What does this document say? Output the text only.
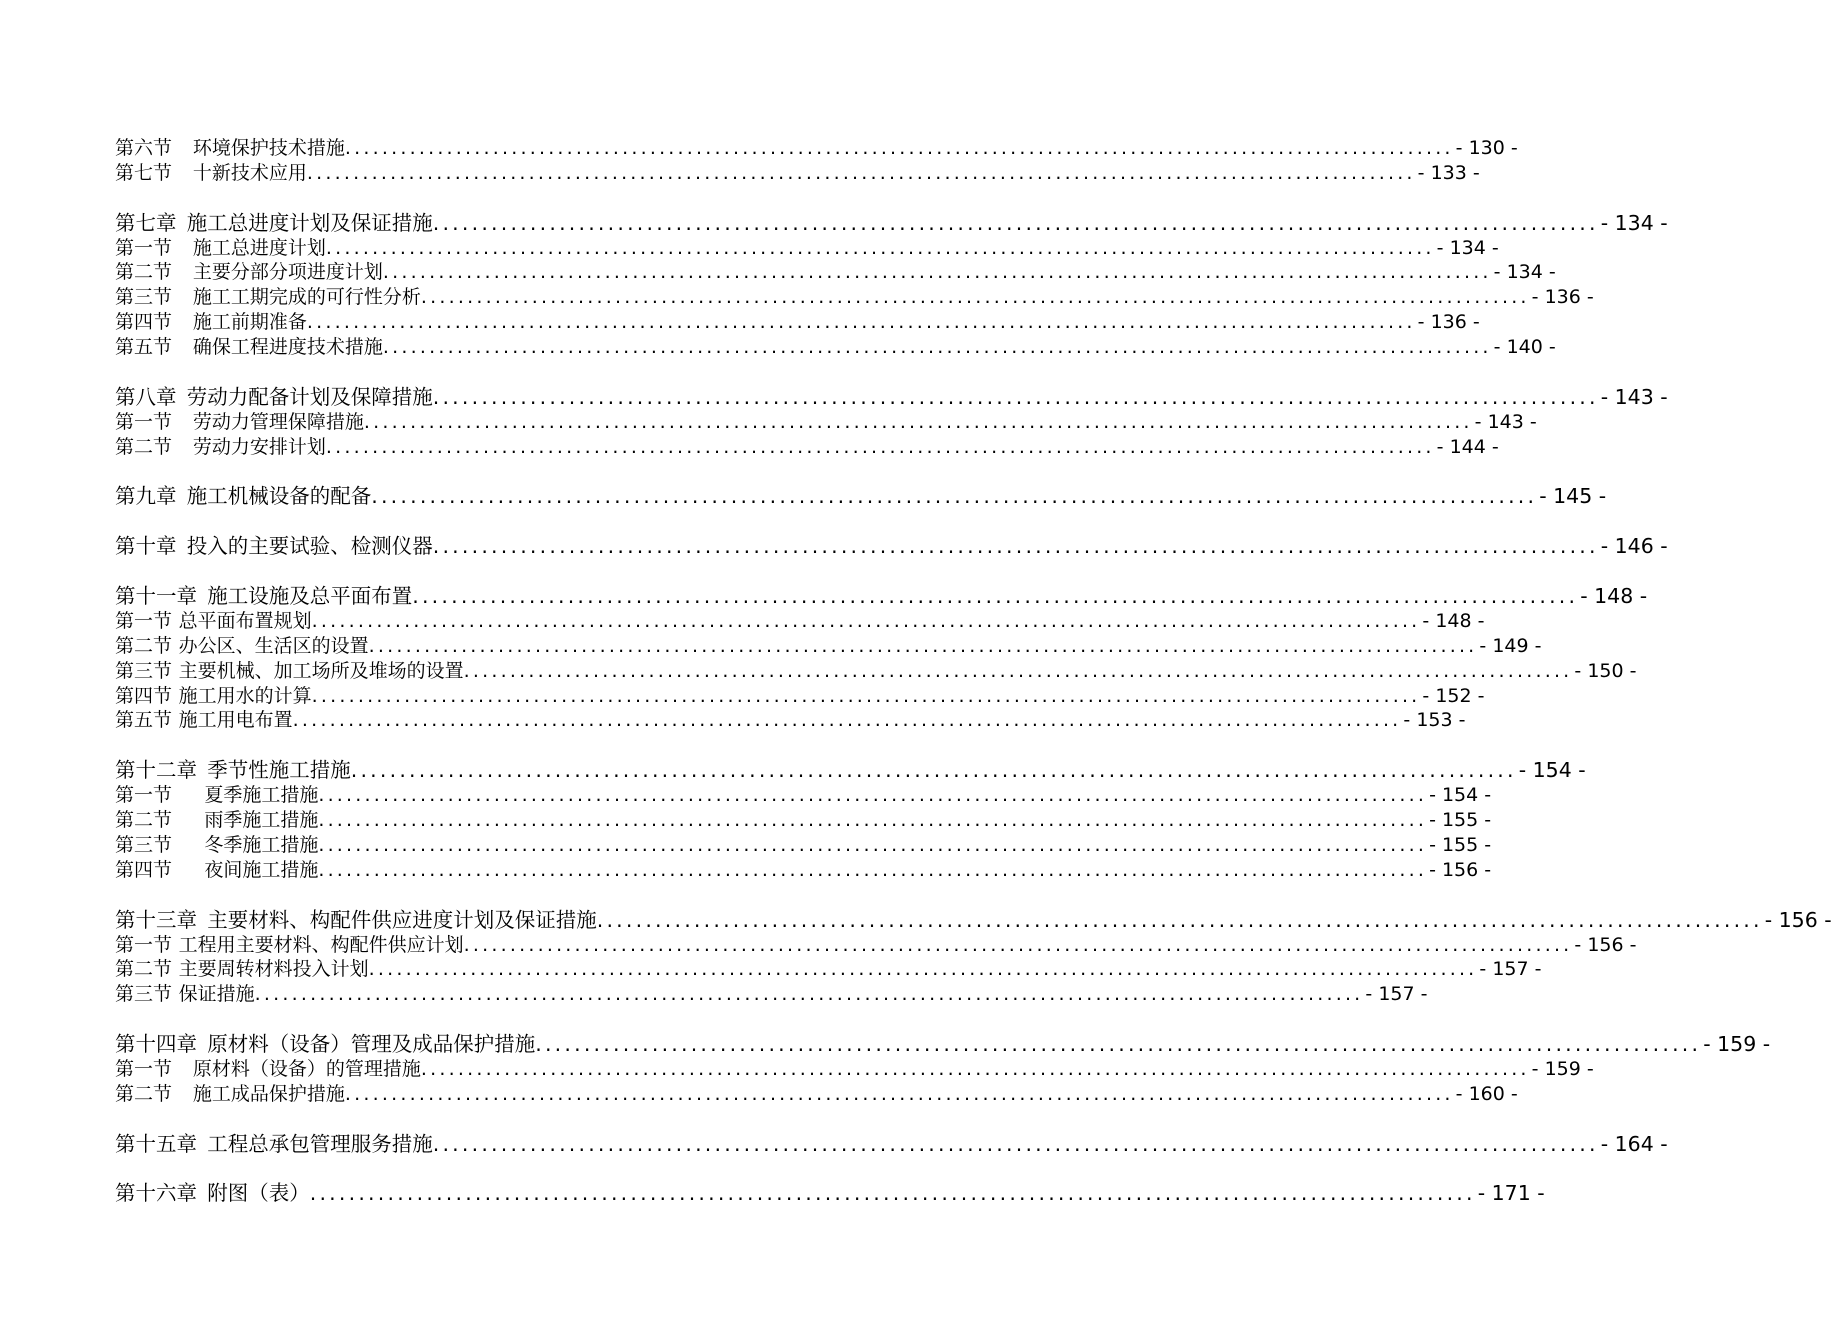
第六节 环境保护技术措施 ........................................................................................................................ - 130 -
第七节 十新技术应用 ........................................................................................................................ - 133 -
第七章 施工总进度计划及保证措施 ........................................................................................................................ - 134 -
第一节 施工总进度计划 ........................................................................................................................ - 134 -
第二节 主要分部分项进度计划 ........................................................................................................................ - 134 -
第三节 施工工期完成的可行性分析 ........................................................................................................................ - 136 -
第四节 施工前期准备 ........................................................................................................................ - 136 -
第五节 确保工程进度技术措施 ........................................................................................................................ - 140 -
第八章 劳动力配备计划及保障措施 ........................................................................................................................ - 143 -
第一节 劳动力管理保障措施 ........................................................................................................................ - 143 -
第二节 劳动力安排计划 ........................................................................................................................ - 144 -
第九章 施工机械设备的配备 ........................................................................................................................ - 145 -
第十章 投入的主要试验、检测仪器 ........................................................................................................................ - 146 -
第十一章 施工设施及总平面布置 ........................................................................................................................ - 148 -
第一节 总平面布置规划 ........................................................................................................................ - 148 -
第二节 办公区、生活区的设置 ........................................................................................................................ - 149 -
第三节 主要机械、加工场所及堆场的设置 ........................................................................................................................ - 150 -
第四节 施工用水的计算 ........................................................................................................................ - 152 -
第五节 施工用电布置 ........................................................................................................................ - 153 -
第十二章 季节性施工措施 ........................................................................................................................ - 154 -
第一节 夏季施工措施 ........................................................................................................................ - 154 -
第二节 雨季施工措施 ........................................................................................................................ - 155 -
第三节 冬季施工措施 ........................................................................................................................ - 155 -
第四节 夜间施工措施 ........................................................................................................................ - 156 -
第十三章 主要材料、构配件供应进度计划及保证措施 ........................................................................................................................ - 156 -
第一节 工程用主要材料、构配件供应计划 ........................................................................................................................ - 156 -
第二节 主要周转材料投入计划 ........................................................................................................................ - 157 -
第三节 保证措施 ........................................................................................................................ - 157 -
第十四章 原材料（设备）管理及成品保护措施 ........................................................................................................................ - 159 -
第一节 原材料（设备）的管理措施 ........................................................................................................................ - 159 -
第二节 施工成品保护措施 ........................................................................................................................ - 160 -
第十五章 工程总承包管理服务措施 ........................................................................................................................ - 164 -
第十六章 附图（表） ........................................................................................................................ - 171 -
